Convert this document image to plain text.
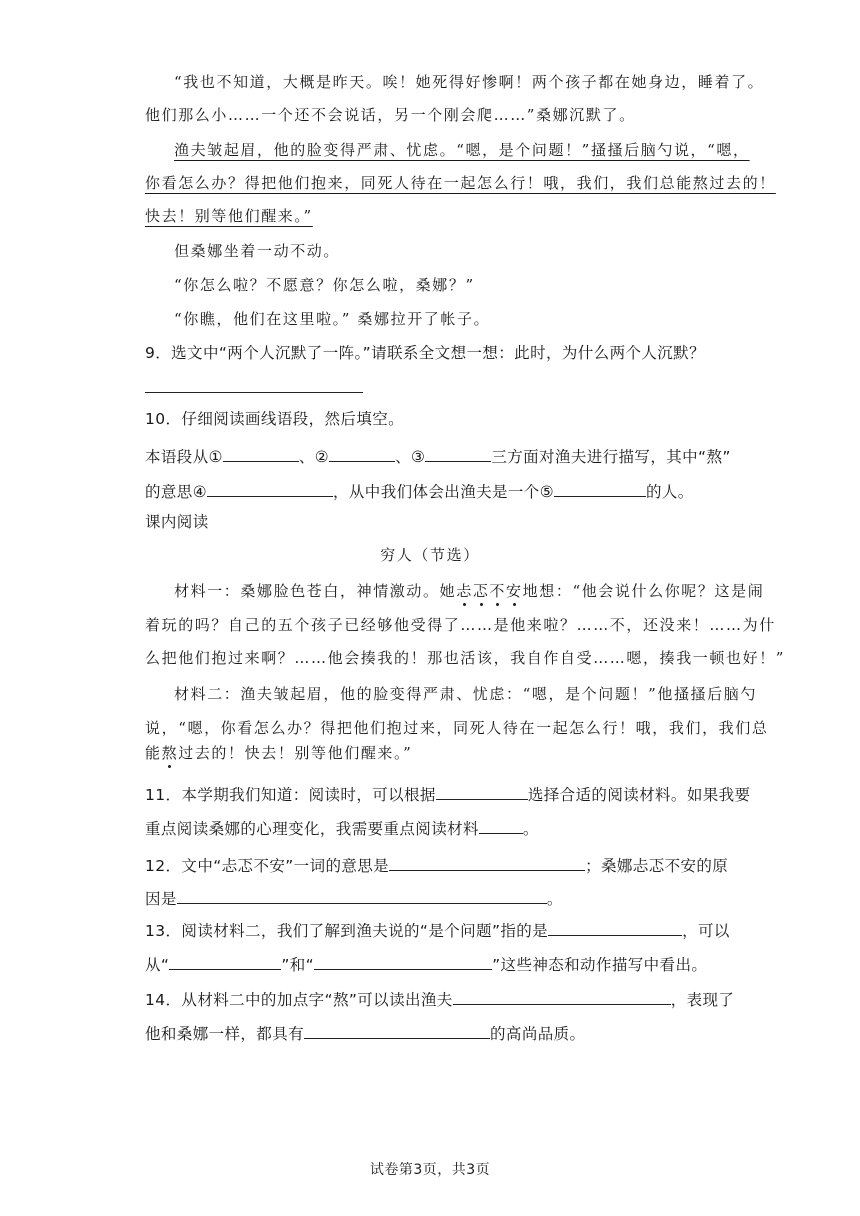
“我也不知道，大概是昨天。唉！她死得好惨啊！两个孩子都在她身边，睡着了。
他们那么小……一个还不会说话，另一个刚会爬……”桑娜沉默了。
渔夫皱起眉，他的脸变得严肃、忧虑。“嗯，是个问题！”搔搔后脑勺说，“嗯，
你看怎么办？得把他们抱来，同死人待在一起怎么行！哦，我们，我们总能熬过去的！
快去！别等他们醒来。”
但桑娜坐着一动不动。
“你怎么啦？不愿意？你怎么啦，桑娜？”
“你瞧，他们在这里啦。” 桑娜拉开了帐子。
9．选文中“两个人沉默了一阵。”请联系全文想一想：此时，为什么两个人沉默？
10．仔细阅读画线语段，然后填空。
本语段从①	、②	、③	三方面对渔夫进行描写，其中“熬”
的意思④	，从中我们体会出渔夫是一个⑤	的人。
课内阅读
穷人（节选）
材料一：桑娜脸色苍白，神情激动。她忐忑不安地想：“他会说什么你呢？这是闹
着玩的吗？自己的五个孩子已经够他受得了……是他来啦？……不，还没来！……为什
么把他们抱过来啊？……他会揍我的！那也活该，我自作自受……嗯，揍我一顿也好！”
材料二：渔夫皱起眉，他的脸变得严肃、忧虑：“嗯，是个问题！”他搔搔后脑勺
说，“嗯，你看怎么办？得把他们抱过来，同死人待在一起怎么行！哦，我们，我们总
能熬过去的！快去！别等他们醒来。”
11．本学期我们知道：阅读时，可以根据	选择合适的阅读材料。如果我要
重点阅读桑娜的心理变化，我需要重点阅读材料	。
12．文中“忐忑不安”一词的意思是	；桑娜忐忑不安的原
因是	。
13．阅读材料二，我们了解到渔夫说的“是个问题”指的是	，可以
从“	”和“	”这些神态和动作描写中看出。
14．从材料二中的加点字“熬”可以读出渔夫	，表现了
他和桑娜一样，都具有	的高尚品质。
试卷第3页，共3页
